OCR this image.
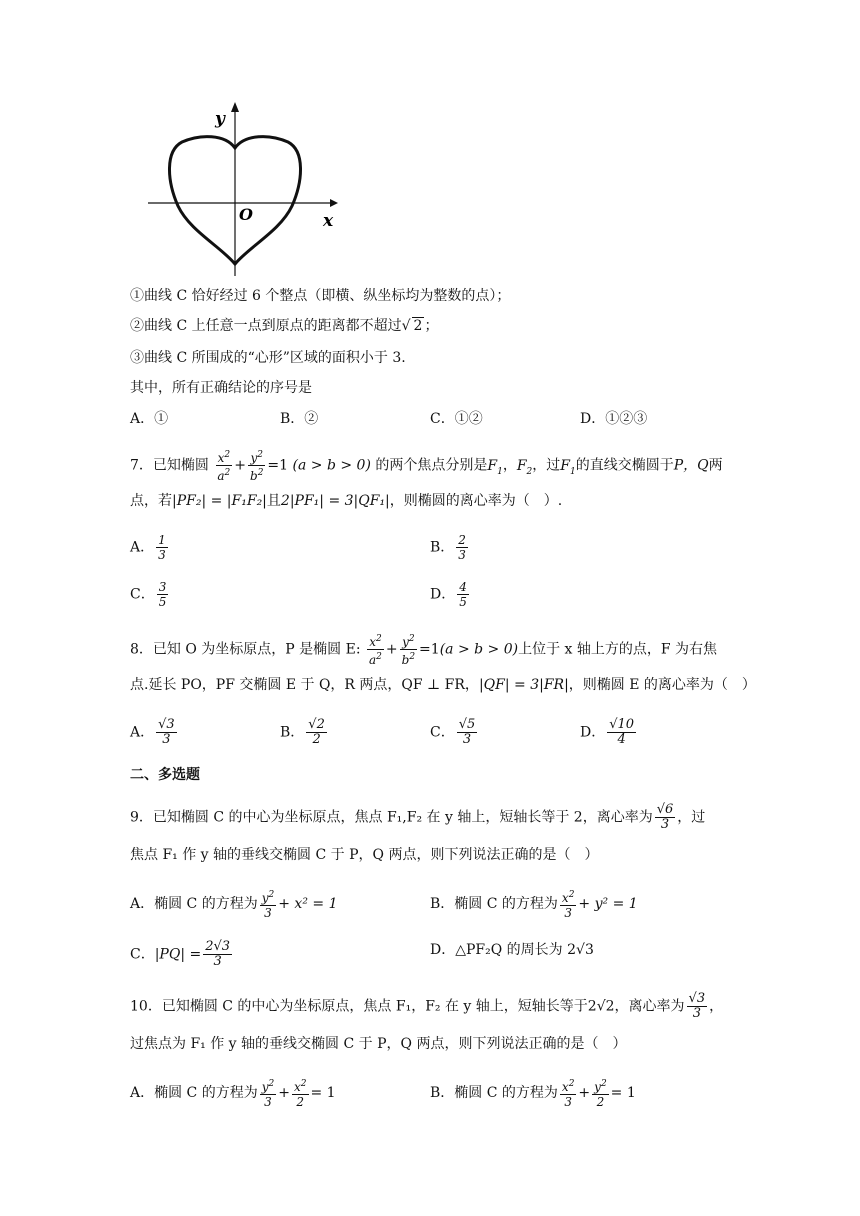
y
x
O
①曲线 C 恰好经过 6 个整点（即横、纵坐标均为整数的点）；
②曲线 C 上任意一点到原点的距离都不超过√ 2 ；
③曲线 C 所围成的“心形”区域的面积小于 3.
其中，所有正确结论的序号是
A．①	B．②	C．①②	D．①②③
7．已知椭圆 $\frac{x^2}{a^2} + \frac{y^2}{b^2} =1$ (a > b > 0) 的两个焦点分别是$F_1$，$F_2$，过$F_1$的直线交椭圆于P，Q两
点，若|PF₂| = |F₁F₂|且2|PF₁| = 3|QF₁|，则椭圆的离心率为（　）.
A． $\frac{1}{3}$	B． $\frac{2}{3}$
C． $\frac{3}{5}$	D． $\frac{4}{5}$
8．已知 O 为坐标原点，P 是椭圆 E: $\frac{x^2}{a^2} + \frac{y^2}{b^2} =1(a > b > 0)$上位于 x 轴上方的点，F 为右焦
点.延长 PO，PF 交椭圆 E 于 Q，R 两点，QF ⊥ FR，|QF| = 3|FR|，则椭圆 E 的离心率为（　）
A． $\frac{√3}{3}$	B． $\frac{√2}{2}$	C． $\frac{√5}{3}$	D． $\frac{√10}{4}$
二、多选题
9．已知椭圆 C 的中心为坐标原点，焦点 F₁,F₂ 在 y 轴上，短轴长等于 2，离心率为 $\frac{√6}{3}$ ，过
焦点 F₁ 作 y 轴的垂线交椭圆 C 于 P，Q 两点，则下列说法正确的是（　）
A．椭圆 C 的方程为 $\frac{y^2}{3} + x^2 = 1$	B．椭圆 C 的方程为 $\frac{x^2}{3} + y^2 = 1$
C．$|PQ| = \frac{2√3}{3}$	D．△PF₂Q 的周长为 2√3
10．已知椭圆 C 的中心为坐标原点，焦点 F₁，F₂ 在 y 轴上，短轴长等于2√2，离心率为 $\frac{√3}{3}$ ，
过焦点为 F₁ 作 y 轴的垂线交椭圆 C 于 P，Q 两点，则下列说法正确的是（　）
A．椭圆 C 的方程为 $\frac{y^2}{3} + \frac{x^2}{2} = 1$	B．椭圆 C 的方程为 $\frac{x^2}{3} + \frac{y^2}{2} = 1$
